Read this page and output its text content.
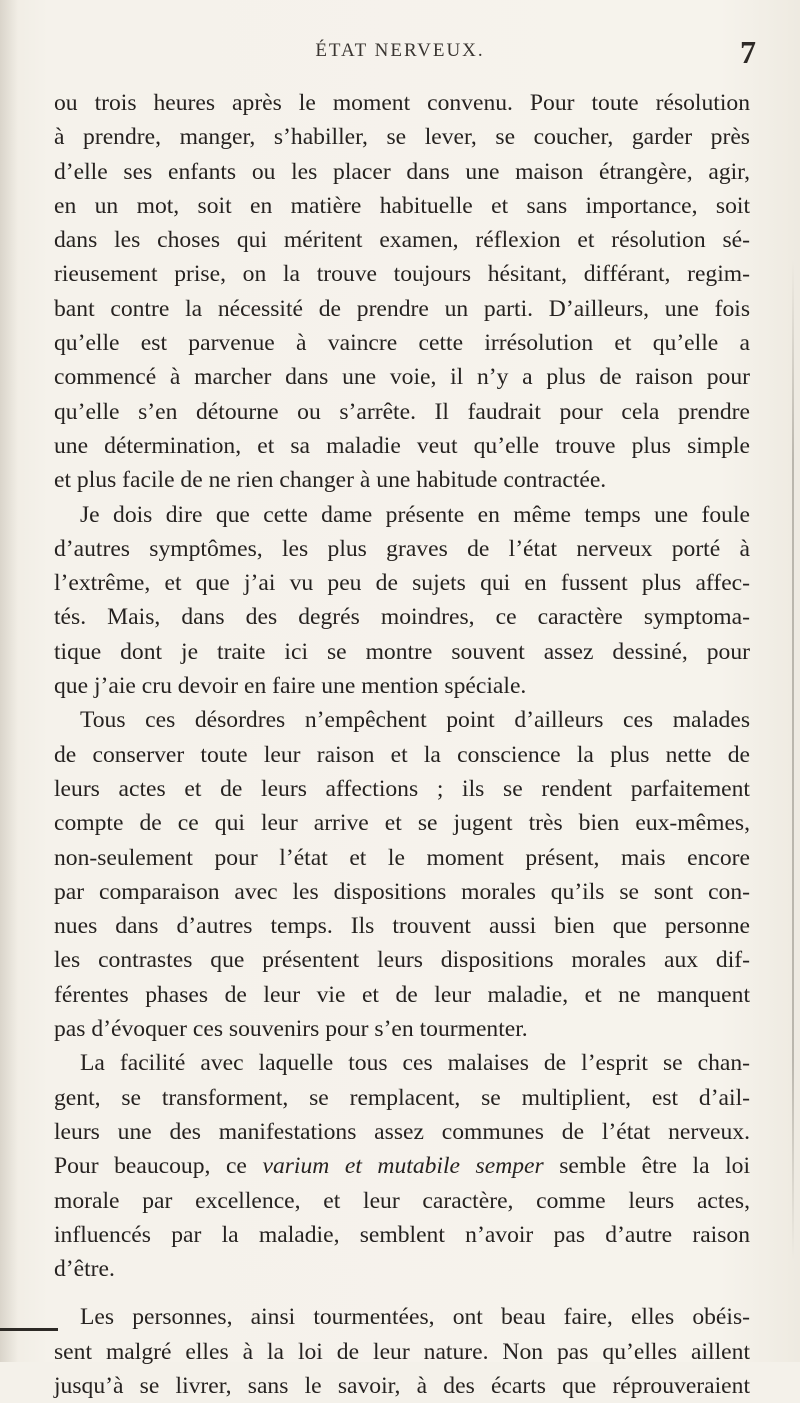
ÉTAT NERVEUX.	7
ou trois heures après le moment convenu. Pour toute résolution
à prendre, manger, s’habiller, se lever, se coucher, garder près
d’elle ses enfants ou les placer dans une maison étrangère, agir,
en un mot, soit en matière habituelle et sans importance, soit
dans les choses qui méritent examen, réflexion et résolution sé-
rieusement prise, on la trouve toujours hésitant, différant, regim-
bant contre la nécessité de prendre un parti. D’ailleurs, une fois
qu’elle est parvenue à vaincre cette irrésolution et qu’elle a
commencé à marcher dans une voie, il n’y a plus de raison pour
qu’elle s’en détourne ou s’arrête. Il faudrait pour cela prendre
une détermination, et sa maladie veut qu’elle trouve plus simple
et plus facile de ne rien changer à une habitude contractée.
Je dois dire que cette dame présente en même temps une foule
d’autres symptômes, les plus graves de l’état nerveux porté à
l’extrême, et que j’ai vu peu de sujets qui en fussent plus affec-
tés. Mais, dans des degrés moindres, ce caractère symptoma-
tique dont je traite ici se montre souvent assez dessiné, pour
que j’aie cru devoir en faire une mention spéciale.
Tous ces désordres n’empêchent point d’ailleurs ces malades
de conserver toute leur raison et la conscience la plus nette de
leurs actes et de leurs affections ; ils se rendent parfaitement
compte de ce qui leur arrive et se jugent très bien eux-mêmes,
non-seulement pour l’état et le moment présent, mais encore
par comparaison avec les dispositions morales qu’ils se sont con-
nues dans d’autres temps. Ils trouvent aussi bien que personne
les contrastes que présentent leurs dispositions morales aux dif-
férentes phases de leur vie et de leur maladie, et ne manquent
pas d’évoquer ces souvenirs pour s’en tourmenter.
La facilité avec laquelle tous ces malaises de l’esprit se chan-
gent, se transforment, se remplacent, se multiplient, est d’ail-
leurs une des manifestations assez communes de l’état nerveux.
Pour beaucoup, ce varium et mutabile semper semble être la loi
morale par excellence, et leur caractère, comme leurs actes,
influencés par la maladie, semblent n’avoir pas d’autre raison
d’être.
Les personnes, ainsi tourmentées, ont beau faire, elles obéis-
sent malgré elles à la loi de leur nature. Non pas qu’elles aillent
jusqu’à se livrer, sans le savoir, à des écarts que réprouveraient
